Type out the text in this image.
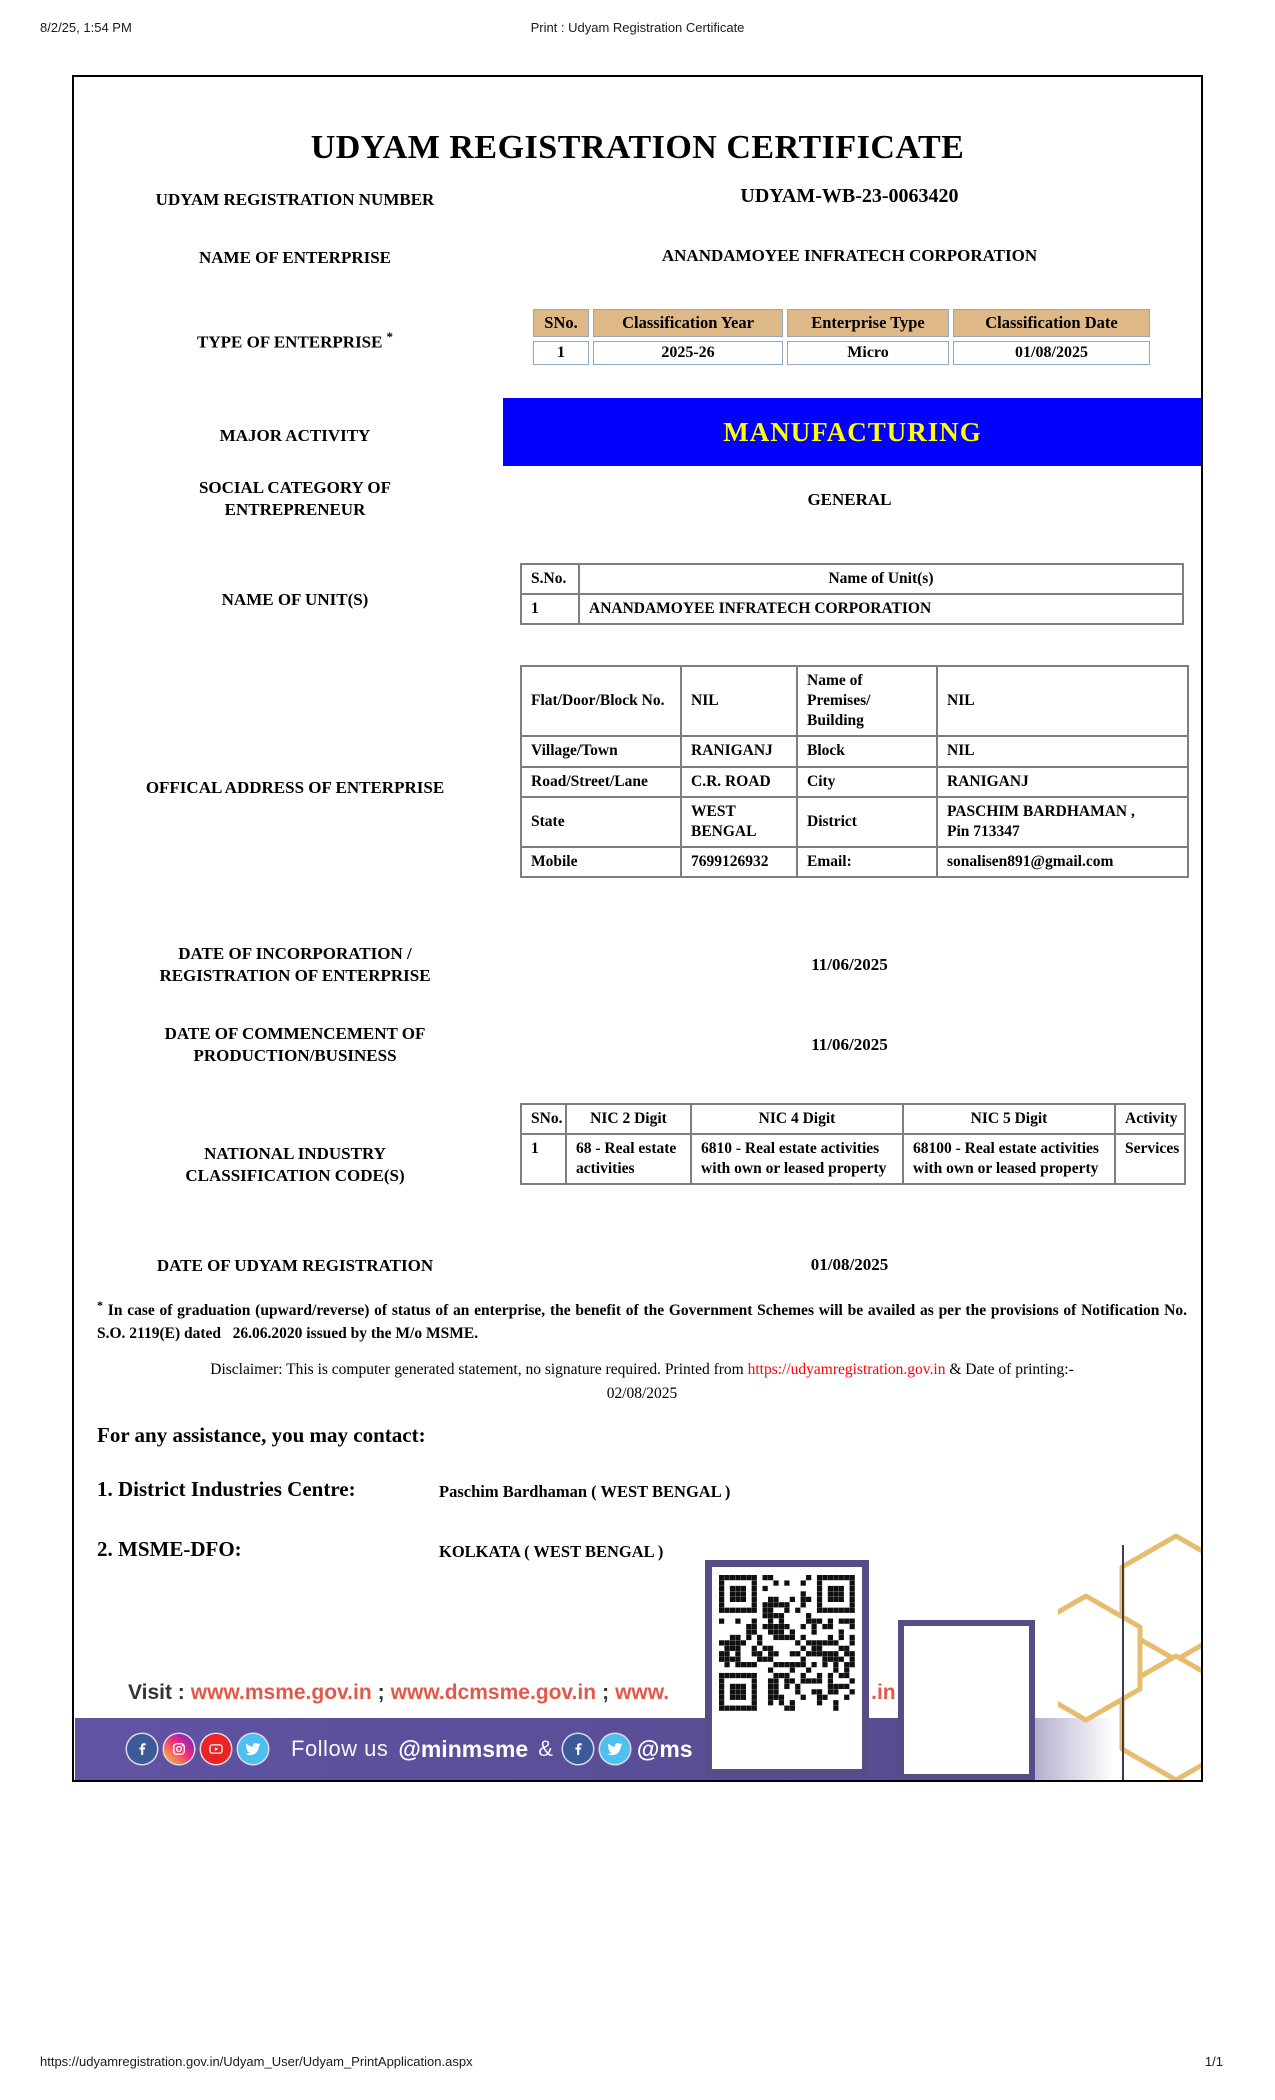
8/2/25, 1:54 PM	Print : Udyam Registration Certificate
UDYAM REGISTRATION CERTIFICATE
UDYAM REGISTRATION NUMBER	UDYAM-WB-23-0063420
NAME OF ENTERPRISE	ANANDAMOYEE INFRATECH CORPORATION
TYPE OF ENTERPRISE *
SNo.	Classification Year	Enterprise Type	Classification Date
1	2025-26	Micro	01/08/2025
MAJOR ACTIVITY	MANUFACTURING
SOCIAL CATEGORY OF
ENTREPRENEUR
GENERAL
NAME OF UNIT(S)
S.No.	Name of Unit(s)
1	ANANDAMOYEE INFRATECH CORPORATION
OFFICAL ADDRESS OF ENTERPRISE
Flat/Door/Block No.	NIL	Name of Premises/ Building	NIL
Village/Town	RANIGANJ	Block	NIL
Road/Street/Lane	C.R. ROAD	City	RANIGANJ
State	WEST BENGAL	District	PASCHIM BARDHAMAN , Pin 713347
Mobile	7699126932	Email:	sonalisen891@gmail.com
DATE OF INCORPORATION /
REGISTRATION OF ENTERPRISE
11/06/2025
DATE OF COMMENCEMENT OF
PRODUCTION/BUSINESS
11/06/2025
NATIONAL INDUSTRY
CLASSIFICATION CODE(S)
SNo.	NIC 2 Digit	NIC 4 Digit	NIC 5 Digit	Activity
1	68 - Real estate activities	6810 - Real estate activities with own or leased property	68100 - Real estate activities with own or leased property	Services
DATE OF UDYAM REGISTRATION	01/08/2025
* In case of graduation (upward/reverse) of status of an enterprise, the benefit of the Government Schemes will be availed as per the provisions of Notification No. S.O. 2119(E) dated   26.06.2020 issued by the M/o MSME.
Disclaimer: This is computer generated statement, no signature required. Printed from https://udyamregistration.gov.in & Date of printing:-
02/08/2025
For any assistance, you may contact:
1. District Industries Centre:	Paschim Bardhaman ( WEST BENGAL )
2. MSME-DFO:	KOLKATA ( WEST BENGAL )
Visit : www.msme.gov.in ; www.dcmsme.gov.in ; www.	.in
Follow us @minmsme &	@ms
https://udyamregistration.gov.in/Udyam_User/Udyam_PrintApplication.aspx	1/1
